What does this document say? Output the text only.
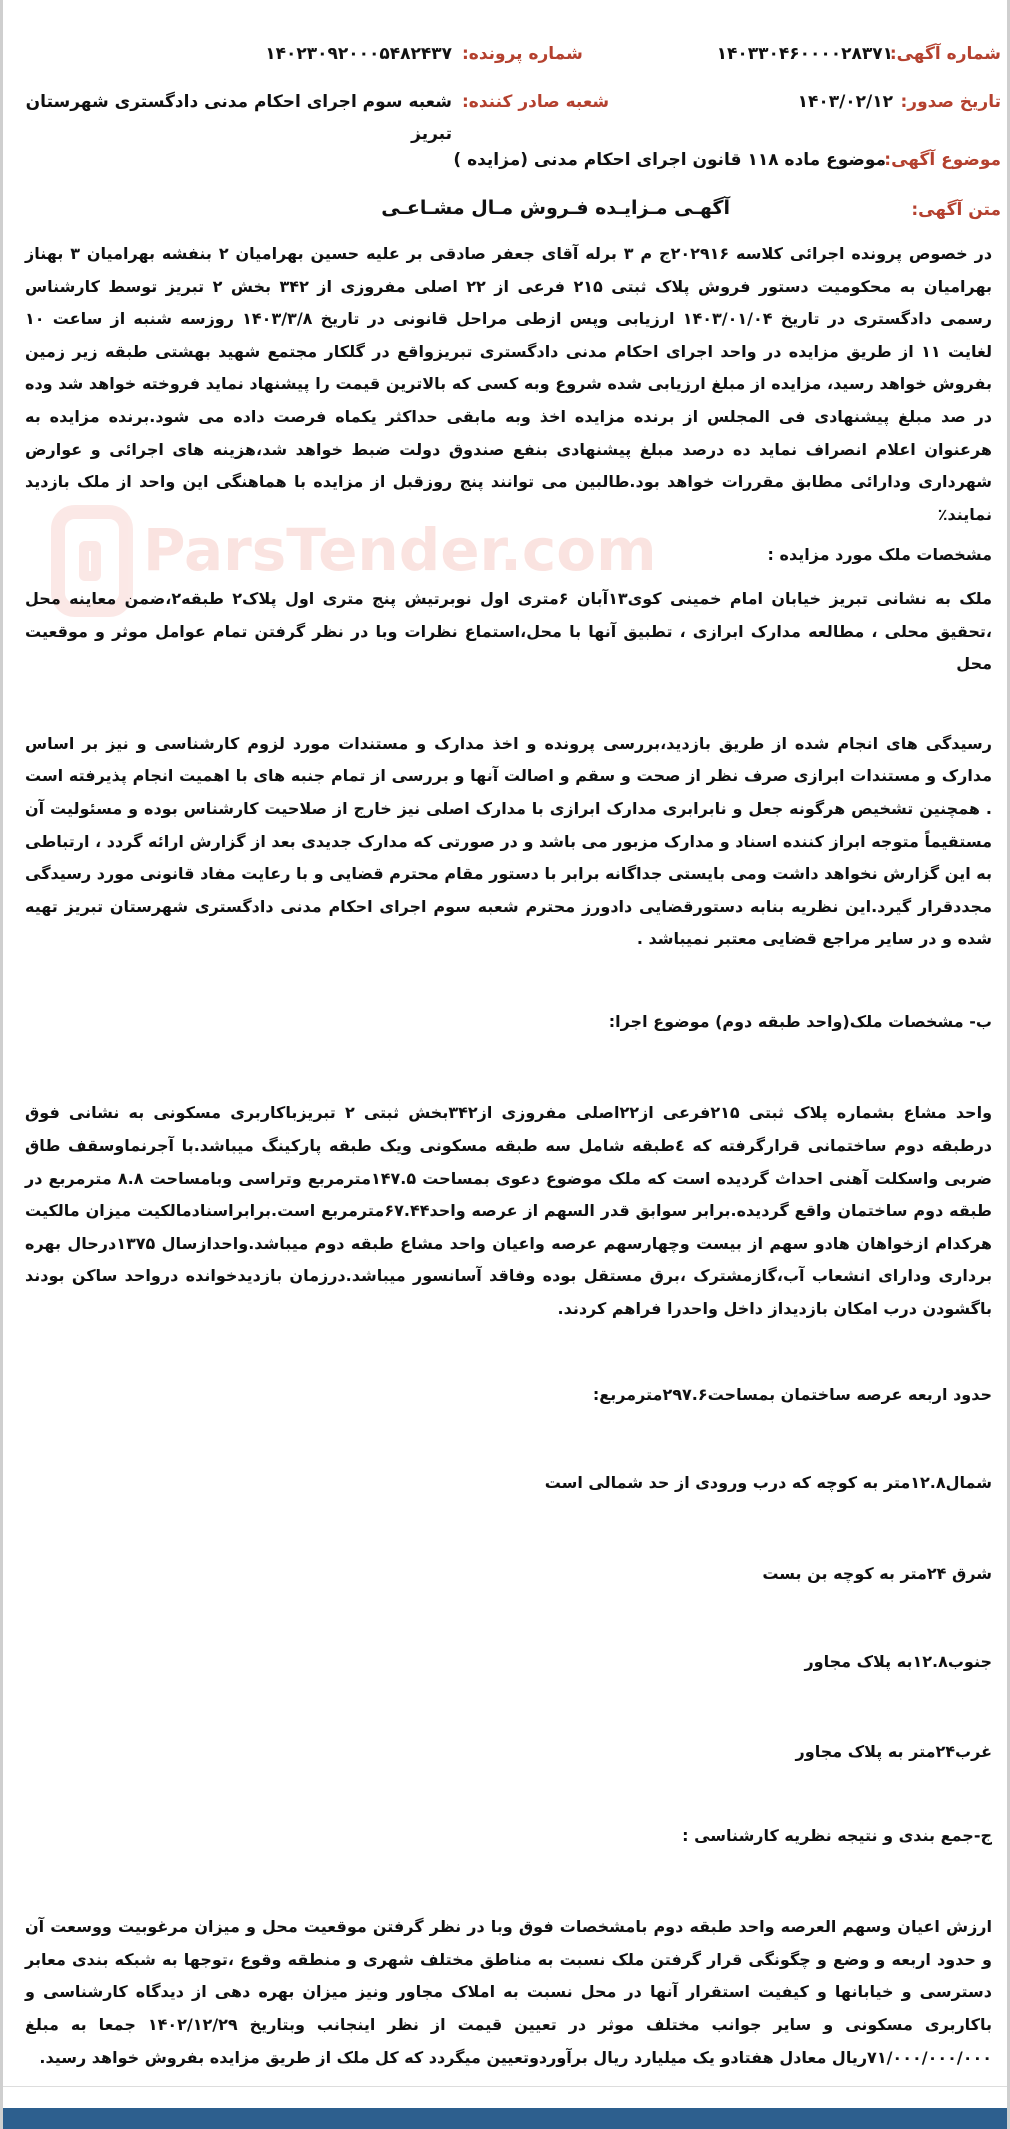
ParsTender.com
شماره آگهی:
۱۴۰۳۳۰۴۶۰۰۰۰۲۸۳۷۱
شماره پرونده:
۱۴۰۲۳۰۹۲۰۰۰۵۴۸۲۴۳۷
تاریخ صدور:
۱۴۰۳/۰۲/۱۲
شعبه صادر کننده:
شعبه سوم اجرای احکام مدنی دادگستری شهرستان تبریز
موضوع آگهی:
موضوع ماده ۱۱۸ قانون اجرای احکام مدنی (مزایده )
متن آگهی:
آگهـی مـزایـده فـروش مـال مشـاعـی

در خصوص پرونده اجرائی کلاسه ۲۰۲۹۱۶ج م ۳ برله آقای جعفر صادقی بر علیه حسین بهرامیان ۲ بنفشه بهرامیان ۳ بهناز بهرامیان به محکومیت دستور فروش پلاک ثبتی ۲۱۵ فرعی از ۲۲ اصلی مفروزی از ۳۴۲ بخش ۲ تبریز توسط کارشناس رسمی دادگستری در تاریخ ۱۴۰۳/۰۱/۰۴ ارزیابی وپس ازطی مراحل قانونی در تاریخ ۱۴۰۳/۳/۸ روزسه شنبه از ساعت ۱۰ لغایت ۱۱ از طریق مزایده در واحد اجرای احکام مدنی دادگستری تبریزواقع در گلکار مجتمع شهید بهشتی طبقه زیر زمین بفروش خواهد رسید، مزایده از مبلغ ارزیابی شده شروع وبه کسی که بالاترین قیمت را پیشنهاد نماید فروخته خواهد شد وده در صد مبلغ پیشنهادی فی المجلس از برنده مزایده اخذ وبه مابقی حداکثر یکماه فرصت داده می شود.برنده مزایده به هرعنوان اعلام انصراف نماید ده درصد مبلغ پیشنهادی بنفع صندوق دولت ضبط خواهد شد،هزینه های اجرائی و عوارض شهرداری ودارائی مطابق مقررات خواهد بود.طالبین می توانند پنج روزقبل از مزایده با هماهنگی این واحد از ملک بازدید نمایند٪

مشخصات ملک مورد مزایده :

ملک به نشانی تبریز خیابان امام خمینی کوی۱۳آبان ۶متری اول نوبرتیش پنج متری اول پلاک۲ طبقه۲،ضمن معاینه محل ،تحقیق محلی ، مطالعه مدارک ابرازی ، تطبیق آنها با محل،استماع نظرات وبا در نظر گرفتن تمام عوامل موثر و موقعیت محل

رسیدگی های انجام شده از طریق بازدید،بررسی پرونده و اخذ مدارک و مستندات مورد لزوم کارشناسی و نیز بر اساس مدارک و مستندات ابرازی صرف نظر از صحت و سقم و اصالت آنها و بررسی از تمام جنبه های با اهمیت انجام پذیرفته است . همچنین تشخیص هرگونه جعل و نابرابری مدارک ابرازی با مدارک اصلی نیز خارج از صلاحیت کارشناس بوده و مسئولیت آن مستقیماً متوجه ابراز کننده اسناد و مدارک مزبور می باشد و در صورتی که مدارک جدیدی بعد از گزارش ارائه گردد ، ارتباطی به این گزارش نخواهد داشت ومی بایستی جداگانه برابر با دستور مقام محترم قضایی و با رعایت مفاد قانونی مورد رسیدگی مجددقرار گیرد.این نظریه بنابه دستورقضایی دادورز محترم شعبه سوم اجرای احکام مدنی دادگستری شهرستان تبریز تهیه شده و در سایر مراجع قضایی معتبر نمیباشد .

ب- مشخصات ملک(واحد طبقه دوم) موضوع اجرا:

واحد مشاع بشماره پلاک ثبتی ۲۱۵فرعی از۲۲اصلی مفروزی از۳۴۲بخش ثبتی ۲ تبریزباکاربری مسکونی به نشانی فوق درطبقه دوم ساختمانی قرارگرفته که ٤طبقه شامل سه طبقه مسکونی ویک طبقه پارکینگ میباشد.با آجرنماوسقف طاق ضربی واسکلت آهنی احداث گردیده است که ملک موضوع دعوی بمساحت ۱۴۷.۵مترمربع وتراسی وبامساحت ۸.۸ مترمربع در طبقه دوم ساختمان واقع گردیده.برابر سوابق قدر السهم از عرصه واحد۶۷.۴۴مترمربع است.برابراسنادمالکیت میزان مالکیت هرکدام ازخواهان هادو سهم از بیست وچهارسهم عرصه واعیان واحد مشاع طبقه دوم میباشد.واحدازسال ۱۳۷۵درحال بهره برداری ودارای انشعاب آب،گازمشترک ،برق مستقل بوده وفاقد آسانسور میباشد.درزمان بازدیدخوانده درواحد ساکن بودند باگشودن درب امکان بازدیداز داخل واحدرا فراهم کردند.

حدود اربعه عرصه ساختمان بمساحت۲۹۷.۶مترمربع:

شمال۱۲.۸متر به کوچه که درب ورودی از حد شمالی است

شرق ۲۴متر به کوچه بن بست

جنوب۱۲.۸به پلاک مجاور

غرب۲۴متر به پلاک مجاور

ج-جمع بندی و نتیجه نظریه کارشناسی :

ارزش اعیان وسهم العرصه واحد طبقه دوم بامشخصات فوق وبا در نظر گرفتن موقعیت محل و میزان مرغوبیت ووسعت آن و حدود اربعه و وضع و چگونگی قرار گرفتن ملک نسبت به مناطق مختلف شهری و منطقه وقوع ،توجها به شبکه بندی معابر دسترسی و خیابانها و کیفیت استقرار آنها در محل نسبت به املاک مجاور ونیز میزان بهره دهی از دیدگاه کارشناسی و باکاربری مسکونی و سایر جوانب مختلف موثر در تعیین قیمت از نظر اینجانب وبتاریخ ۱۴۰۲/۱۲/۲۹ جمعا به مبلغ ۷۱/۰۰۰/۰۰۰/۰۰۰ریال معادل هفتادو یک میلیارد ریال برآوردوتعیین میگردد که کل ملک از طریق مزایده بفروش خواهد رسید.
